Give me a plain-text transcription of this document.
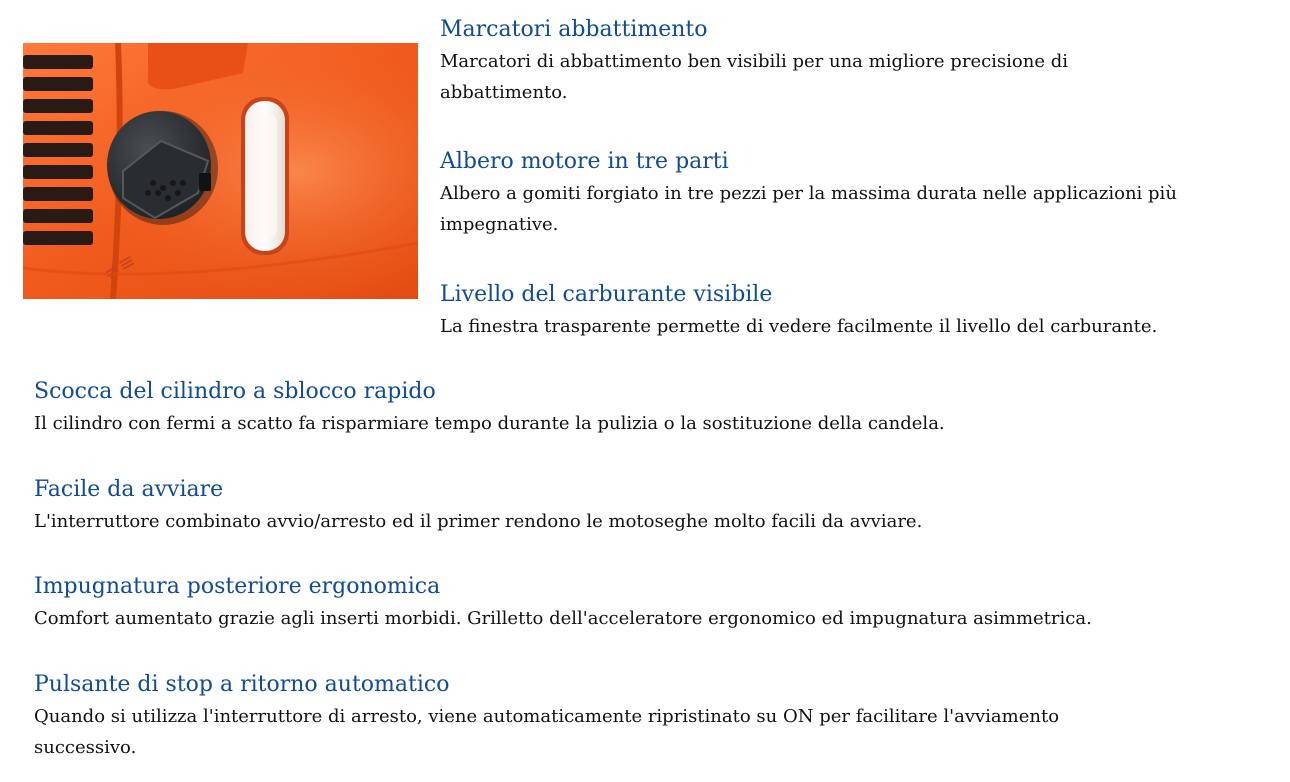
≠≡
Marcatori abbattimento

Marcatori di abbattimento ben visibili per una migliore precisione di abbattimento.

Albero motore in tre parti

Albero a gomiti forgiato in tre pezzi per la massima durata nelle applicazioni più impegnative.

Livello del carburante visibile

La finestra trasparente permette di vedere facilmente il livello del carburante.

Scocca del cilindro a sblocco rapido

Il cilindro con fermi a scatto fa risparmiare tempo durante la pulizia o la sostituzione della candela.

Facile da avviare

L'interruttore combinato avvio/arresto ed il primer rendono le motoseghe molto facili da avviare.

Impugnatura posteriore ergonomica

Comfort aumentato grazie agli inserti morbidi. Grilletto dell'acceleratore ergonomico ed impugnatura asimmetrica.

Pulsante di stop a ritorno automatico

Quando si utilizza l'interruttore di arresto, viene automaticamente ripristinato su ON per facilitare l'avviamento successivo.
